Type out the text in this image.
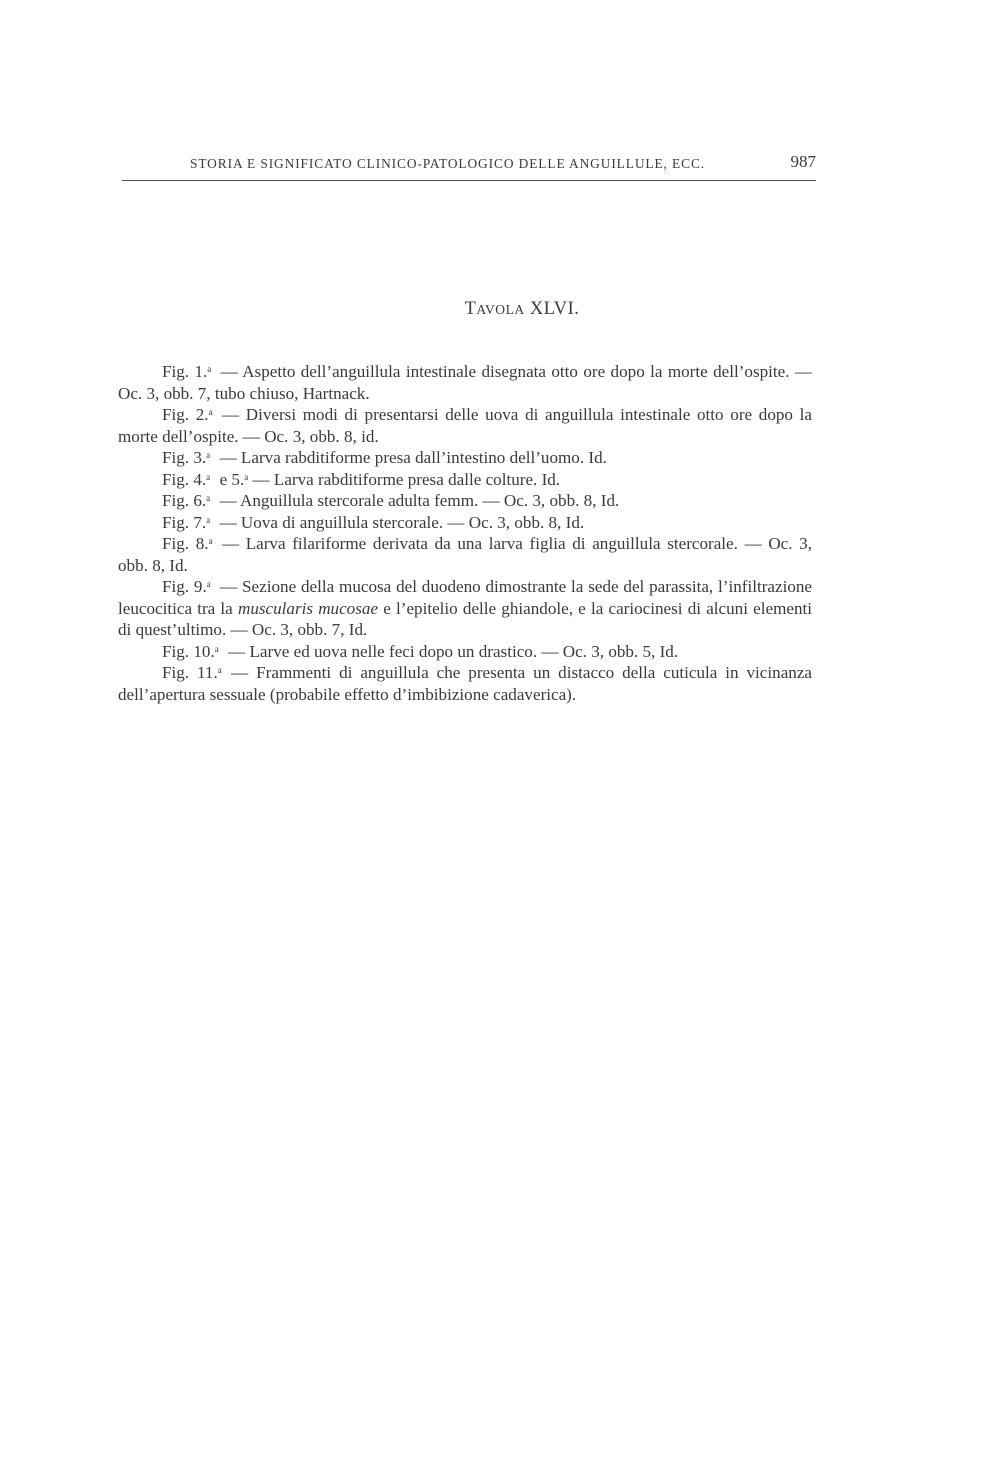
STORIA E SIGNIFICATO CLINICO-PATOLOGICO DELLE ANGUILLULE, ECC.	987
TAVOLA XLVI.

Fig. 1.$^a$ — Aspetto dell’anguillula intestinale disegnata otto ore dopo la morte dell’ospite. — Oc. 3, obb. 7, tubo chiuso, Hartnack.

Fig. 2.$^a$ — Diversi modi di presentarsi delle uova di anguillula intestinale otto ore dopo la morte dell’ospite. — Oc. 3, obb. 8, id.

Fig. 3.$^a$ — Larva rabditiforme presa dall’intestino dell’uomo. Id.

Fig. 4.$^a$ e 5.$^a$ — Larva rabditiforme presa dalle colture. Id.

Fig. 6.$^a$ — Anguillula stercorale adulta femm. — Oc. 3, obb. 8, Id.

Fig. 7.$^a$ — Uova di anguillula stercorale. — Oc. 3, obb. 8, Id.

Fig. 8.$^a$ — Larva filariforme derivata da una larva figlia di anguillula stercorale. — Oc. 3, obb. 8, Id.

Fig. 9.$^a$ — Sezione della mucosa del duodeno dimostrante la sede del parassita, l’infiltrazione leucocitica tra la muscularis mucosae e l’epitelio delle ghiandole, e la cariocinesi di alcuni elementi di quest’ultimo. — Oc. 3, obb. 7, Id.

Fig. 10.$^a$ — Larve ed uova nelle feci dopo un drastico. — Oc. 3, obb. 5, Id.

Fig. 11.$^a$ — Frammenti di anguillula che presenta un distacco della cuticula in vicinanza dell’apertura sessuale (probabile effetto d’imbibizione cadaverica).
